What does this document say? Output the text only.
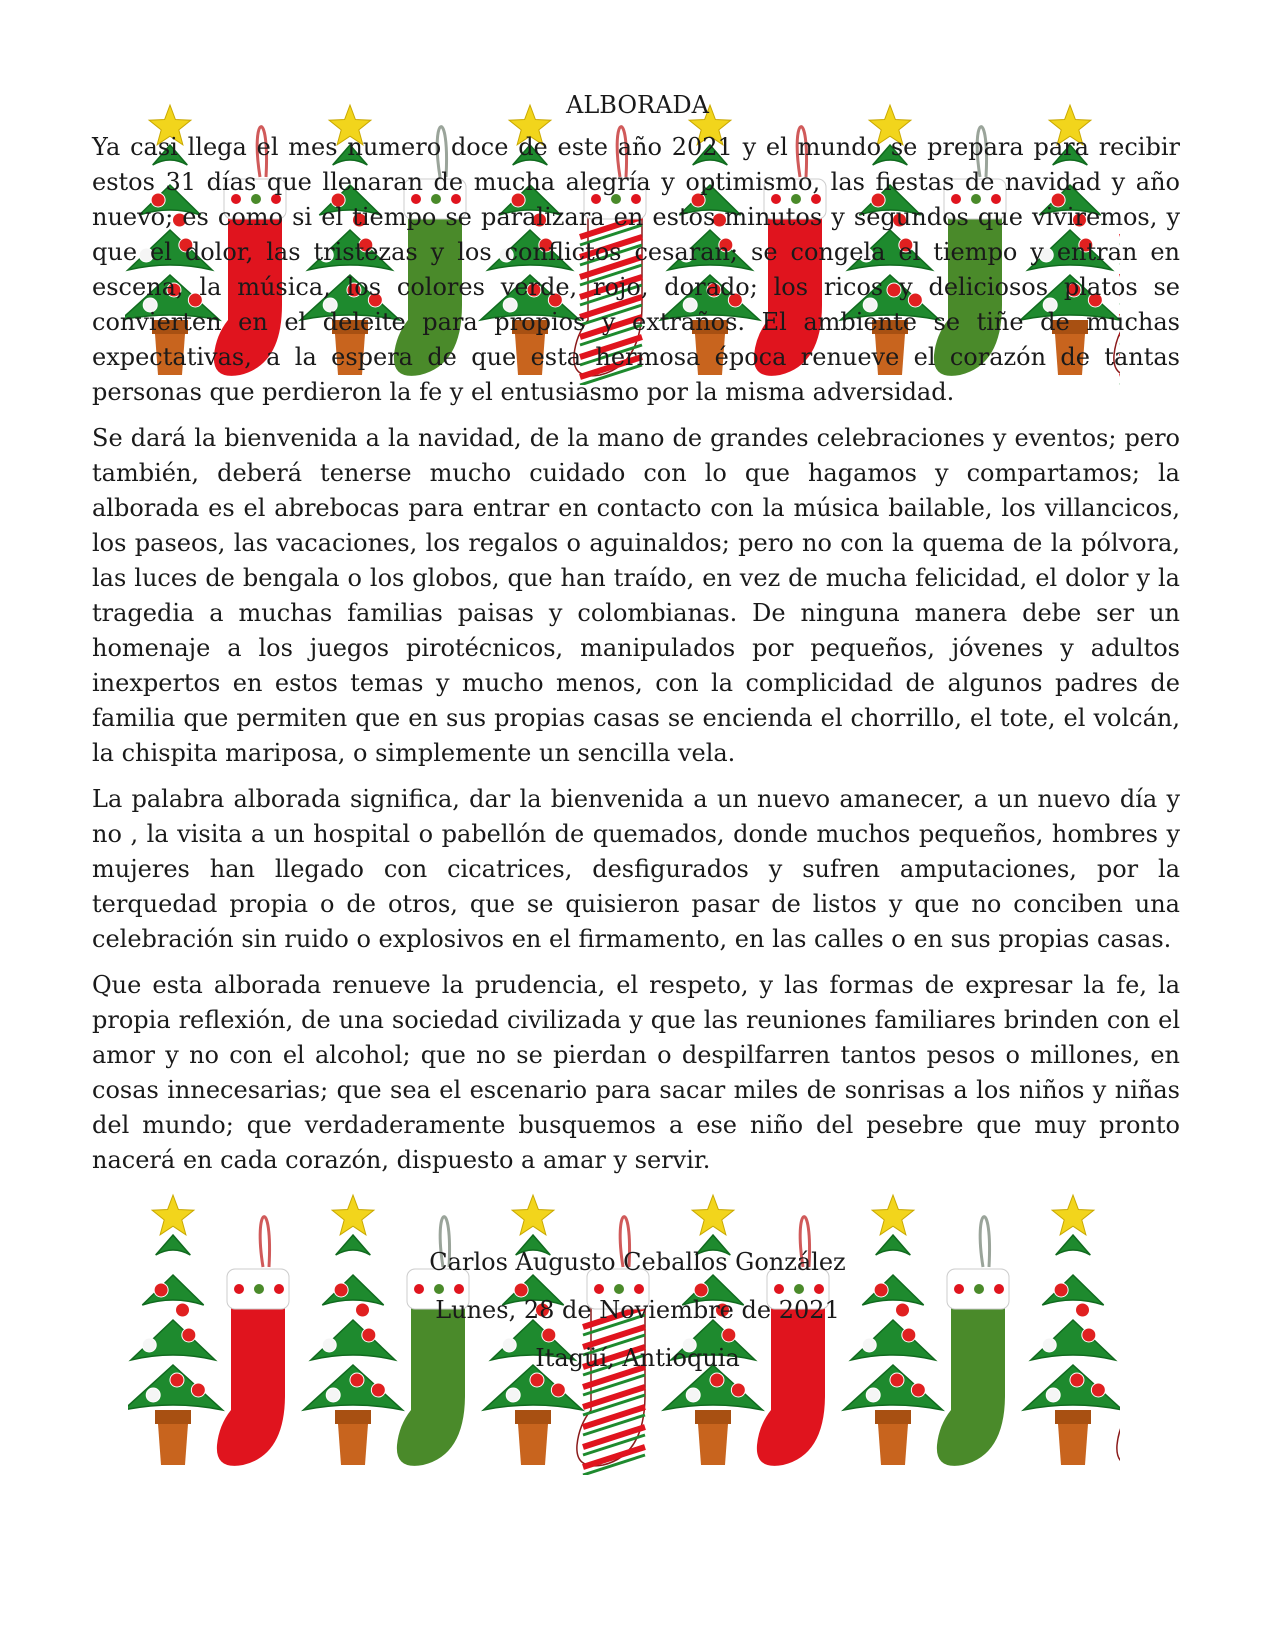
ALBORADA

Ya casi llega el mes numero doce de este año 2021 y el mundo se prepara para recibir estos 31 días que llenaran de mucha alegría y optimismo, las fiestas de navidad y año nuevo; es como si el tiempo se paralizara en estos minutos y segundos que viviremos, y que el dolor, las tristezas y los conflictos cesaran; se congela el tiempo y entran en escena, la música, los colores verde, rojo, dorado; los ricos y deliciosos platos se convierten en el deleite para propios y extraños. El ambiente se tiñe de muchas expectativas, a la espera de que esta hermosa época renueve el corazón de tantas personas que perdieron la fe y el entusiasmo por la misma adversidad.

Se dará la bienvenida a la navidad, de la mano de grandes celebraciones y eventos; pero también, deberá tenerse mucho cuidado con lo que hagamos y compartamos; la alborada es el abrebocas para entrar en contacto con la música bailable, los villancicos, los paseos, las vacaciones, los regalos o aguinaldos; pero no con la quema de la pólvora, las luces de bengala o los globos, que han traído, en vez de mucha felicidad, el dolor y la tragedia a muchas familias paisas y colombianas. De ninguna manera debe ser un homenaje a los juegos pirotécnicos, manipulados por pequeños, jóvenes y adultos inexpertos en estos temas y mucho menos, con la complicidad de algunos padres de familia que permiten que en sus propias casas se encienda el chorrillo, el tote, el volcán, la chispita mariposa, o simplemente un sencilla vela.

La palabra alborada significa, dar la bienvenida a un nuevo amanecer, a un nuevo día y no , la visita a un hospital o pabellón de quemados, donde muchos pequeños, hombres y mujeres han llegado con cicatrices, desfigurados y sufren amputaciones, por la terquedad propia o de otros, que se quisieron pasar de listos y que no conciben una celebración sin ruido o explosivos en el firmamento, en las calles o en sus propias casas.

Que esta alborada renueve la prudencia, el respeto, y las formas de expresar la fe, la propia reflexión, de una sociedad civilizada y que las reuniones familiares brinden con el amor y no con el alcohol; que no se pierdan o despilfarren tantos pesos o millones, en cosas innecesarias; que sea el escenario para sacar miles de sonrisas a los niños y niñas del mundo; que verdaderamente busquemos a ese niño del pesebre que muy pronto nacerá en cada corazón, dispuesto a amar y servir.

Carlos Augusto Ceballos González
Lunes, 28 de Noviembre de 2021
Itagüí, Antioquia
